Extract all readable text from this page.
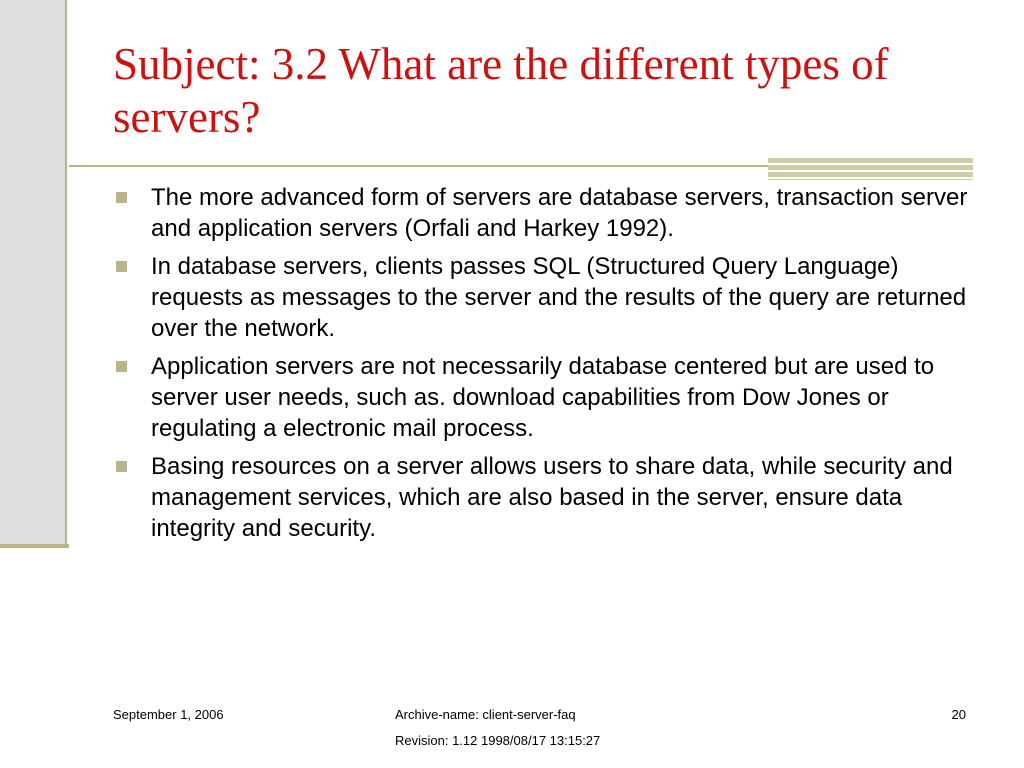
Subject: 3.2 What are the different types of servers?
The more advanced form of servers are database servers, transaction server and application servers (Orfali and Harkey 1992).
In database servers, clients passes SQL (Structured Query Language) requests as messages to the server and the results of the query are returned over the network.
Application servers are not necessarily database centered but are used to server user needs, such as. download capabilities from Dow Jones or regulating a electronic mail process.
Basing resources on a server allows users to share data, while security and management services, which are also based in the server, ensure data integrity and security.
September 1, 2006	Archive-name: client-server-faq
Revision: 1.12 1998/08/17 13:15:27
20
